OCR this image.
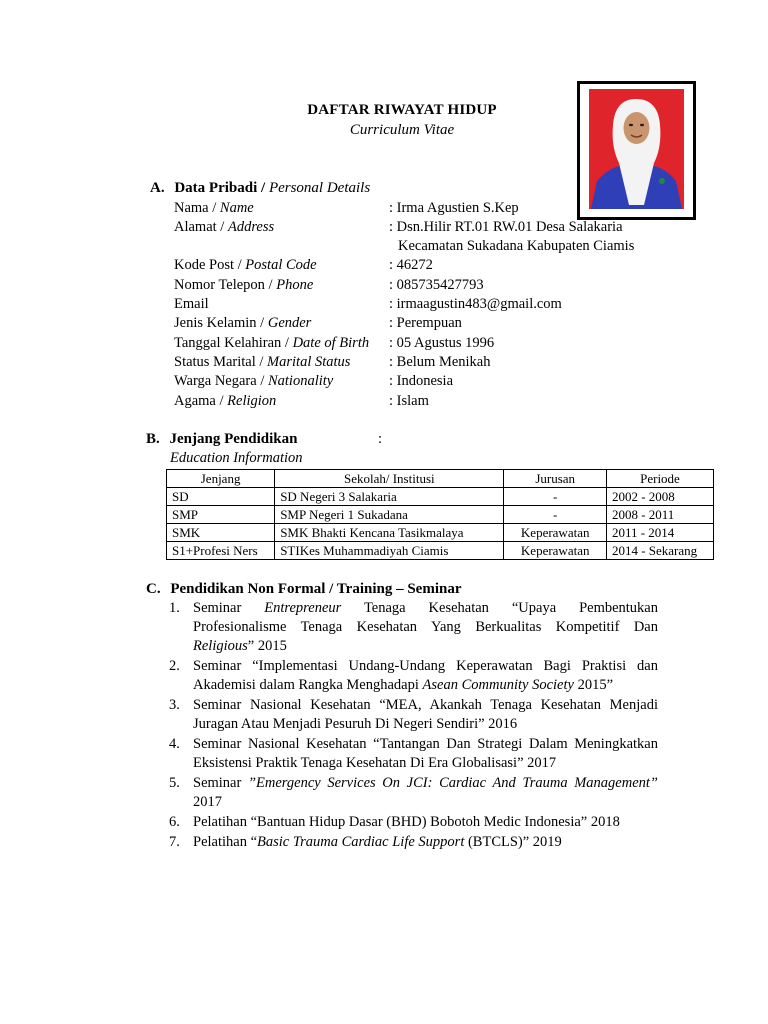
DAFTAR RIWAYAT HIDUP
Curriculum Vitae
A. Data Pribadi / Personal Details
Nama / Name	: Irma Agustien S.Kep
Alamat / Address	: Dsn.Hilir RT.01 RW.01 Desa Salakaria
Kecamatan Sukadana Kabupaten Ciamis
Kode Post / Postal Code	: 46272
Nomor Telepon / Phone	: 085735427793
Email	: irmaagustin483@gmail.com
Jenis Kelamin / Gender	: Perempuan
Tanggal Kelahiran / Date of Birth : 05 Agustus 1996
Status Marital / Marital Status	: Belum Menikah
Warga Negara / Nationality	: Indonesia
Agama / Religion	: Islam
B. Jenjang Pendidikan	:
Education Information
Jenjang	Sekolah/ Institusi	Jurusan	Periode
SD	SD Negeri 3 Salakaria	-	2002 - 2008
SMP	SMP Negeri 1 Sukadana	-	2008 - 2011
SMK	SMK Bhakti Kencana Tasikmalaya	Keperawatan	2011 - 2014
S1+Profesi Ners	STIKes Muhammadiyah Ciamis	Keperawatan	2014 - Sekarang
C. Pendidikan Non Formal / Training – Seminar
1. Seminar Entrepreneur Tenaga Kesehatan “Upaya Pembentukan Profesionalisme Tenaga Kesehatan Yang Berkualitas Kompetitif Dan Religious” 2015
2. Seminar “Implementasi Undang-Undang Keperawatan Bagi Praktisi dan Akademisi dalam Rangka Menghadapi Asean Community Society 2015”
3. Seminar Nasional Kesehatan “MEA, Akankah Tenaga Kesehatan Menjadi Juragan Atau Menjadi Pesuruh Di Negeri Sendiri” 2016
4. Seminar Nasional Kesehatan “Tantangan Dan Strategi Dalam Meningkatkan Eksistensi Praktik Tenaga Kesehatan Di Era Globalisasi” 2017
5. Seminar ”Emergency Services On JCI: Cardiac And Trauma Management” 2017
6. Pelatihan “Bantuan Hidup Dasar (BHD) Bobotoh Medic Indonesia” 2018
7. Pelatihan “Basic Trauma Cardiac Life Support (BTCLS)” 2019
